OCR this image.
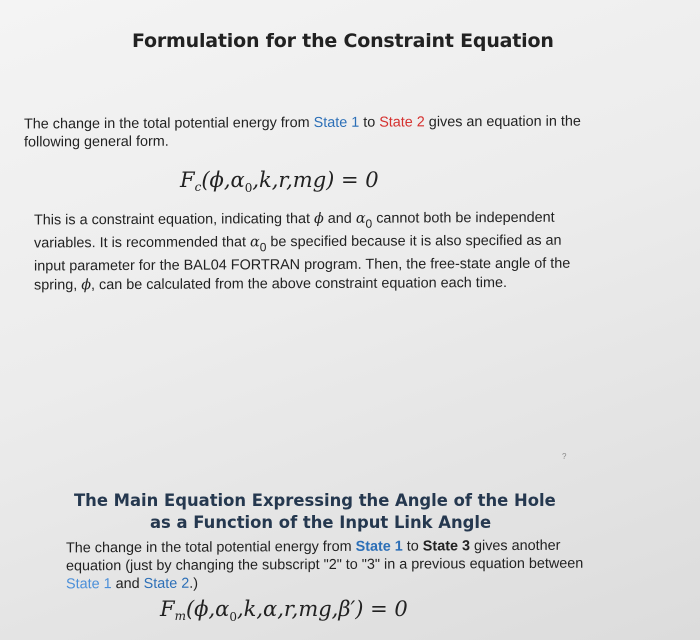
Formulation for the Constraint Equation
The change in the total potential energy from State 1 to State 2 gives an equation in the following general form.
$F_c(\phi,\alpha_0,k,r,mg) = 0$
This is a constraint equation, indicating that ϕ and $\alpha_0$ cannot both be independent variables. It is recommended that $\alpha_0$ be specified because it is also specified as an input parameter for the BAL04 FORTRAN program. Then, the free-state angle of the spring, ϕ, can be calculated from the above constraint equation each time.
?
The Main Equation Expressing the Angle of the Hole
as a Function of the Input Link Angle
The change in the total potential energy from State 1 to State 3 gives another equation (just by changing the subscript "2" to "3" in a previous equation between State 1 and State 2.)
$F_m(\phi,\alpha_0,k,\alpha,r,mg,\beta') = 0$
